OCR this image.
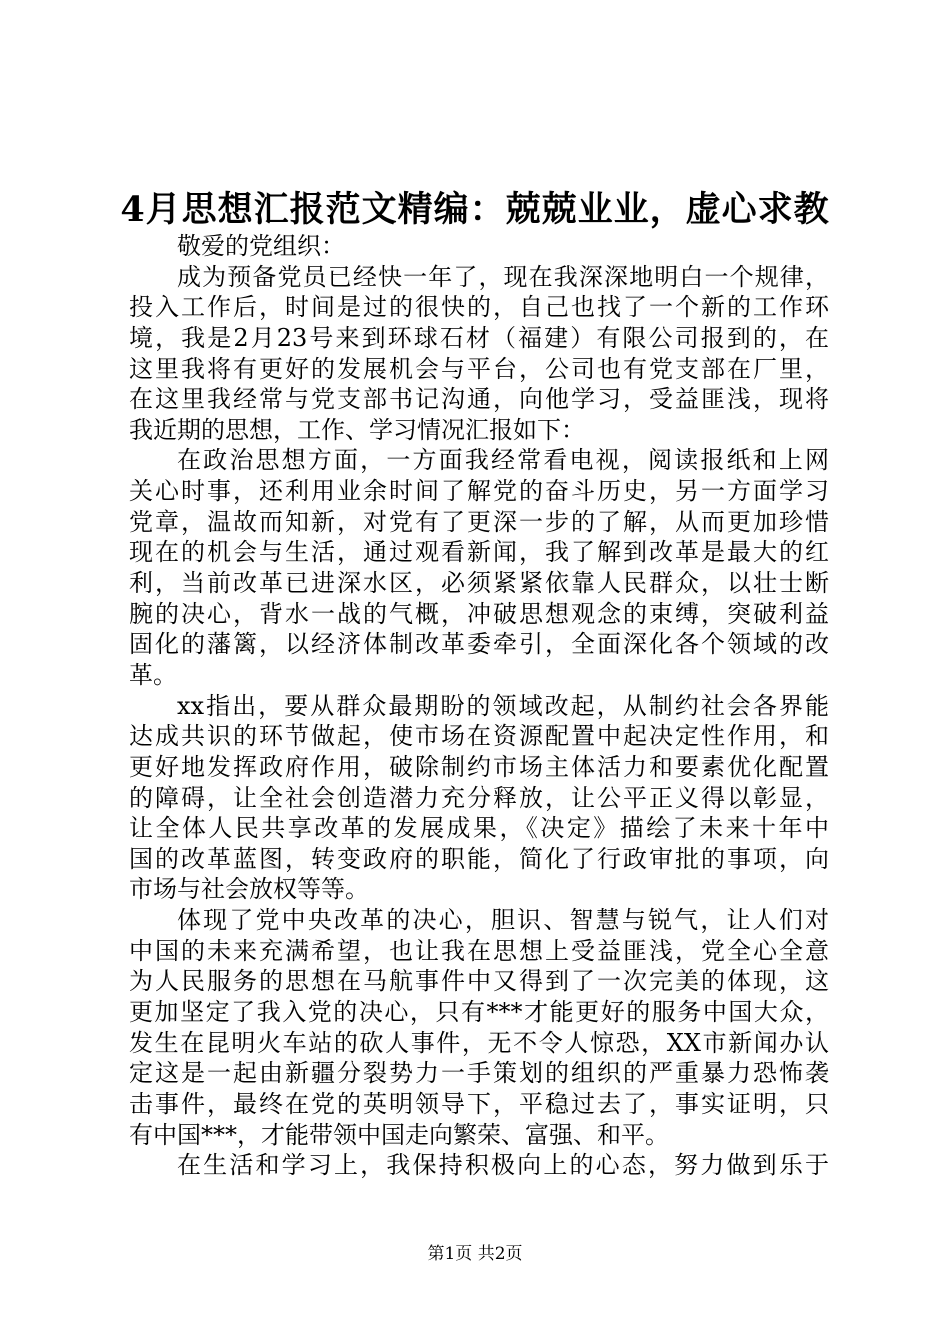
4月思想汇报范文精编：兢兢业业，虚心求教
敬爱的党组织：
成为预备党员已经快一年了，现在我深深地明白一个规律，
投入工作后，时间是过的很快的，自己也找了一个新的工作环
境，我是2月23号来到环球石材（福建）有限公司报到的，在
这里我将有更好的发展机会与平台，公司也有党支部在厂里，
在这里我经常与党支部书记沟通，向他学习，受益匪浅，现将
我近期的思想，工作、学习情况汇报如下：
在政治思想方面，一方面我经常看电视，阅读报纸和上网
关心时事，还利用业余时间了解党的奋斗历史，另一方面学习
党章，温故而知新，对党有了更深一步的了解，从而更加珍惜
现在的机会与生活，通过观看新闻，我了解到改革是最大的红
利，当前改革已进深水区，必须紧紧依靠人民群众，以壮士断
腕的决心，背水一战的气概，冲破思想观念的束缚，突破利益
固化的藩篱，以经济体制改革委牵引，全面深化各个领域的改
革。
xx指出，要从群众最期盼的领域改起，从制约社会各界能
达成共识的环节做起，使市场在资源配置中起决定性作用，和
更好地发挥政府作用，破除制约市场主体活力和要素优化配置
的障碍，让全社会创造潜力充分释放，让公平正义得以彰显，
让全体人民共享改革的发展成果，《决定》描绘了未来十年中
国的改革蓝图，转变政府的职能，简化了行政审批的事项，向
市场与社会放权等等。
体现了党中央改革的决心，胆识、智慧与锐气，让人们对
中国的未来充满希望，也让我在思想上受益匪浅，党全心全意
为人民服务的思想在马航事件中又得到了一次完美的体现，这
更加坚定了我入党的决心，只有***才能更好的服务中国大众，
发生在昆明火车站的砍人事件，无不令人惊恐，XX市新闻办认
定这是一起由新疆分裂势力一手策划的组织的严重暴力恐怖袭
击事件，最终在党的英明领导下，平稳过去了，事实证明，只
有中国***，才能带领中国走向繁荣、富强、和平。
在生活和学习上，我保持积极向上的心态，努力做到乐于
第1页 共2页
